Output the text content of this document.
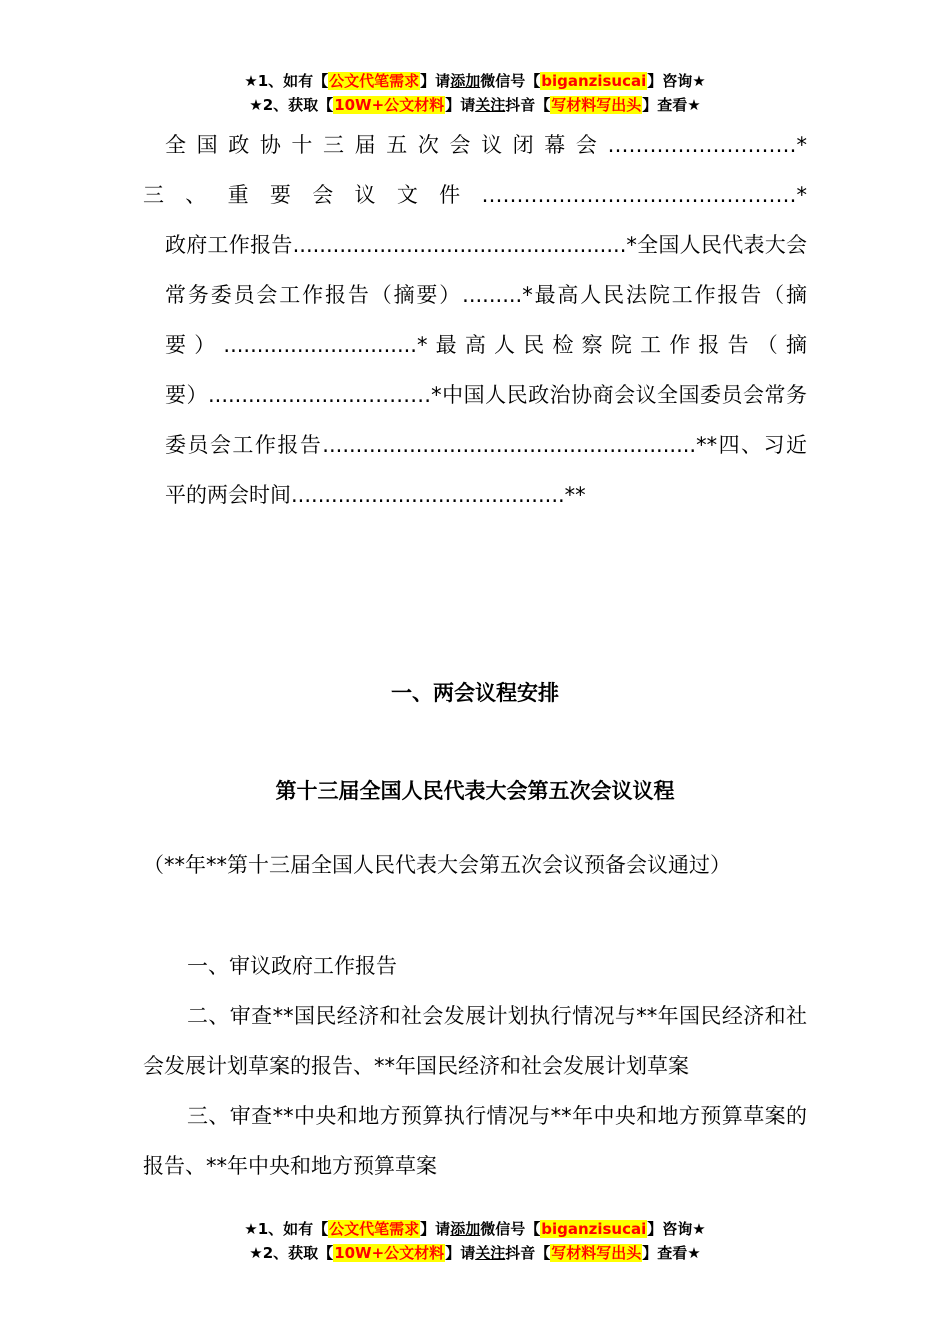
★1、如有【公文代笔需求】请添加微信号【biganzisucai】咨询★
★2、获取【10W+公文材料】请关注抖音【写材料写出头】查看★
全国政协十三届五次会议闭幕会………………………*
三、重要会议文件………………………………………*
政府工作报告..................................................*全国人民代表大会常务委员会工作报告（摘要）.........*最高人民法院工作报告（摘要）.............................*最高人民检察院工作报告（摘要）........................………*中国人民政治协商会议全国委员会常务委员会工作报告........................................................**四、习近平的两会时间.........................................**
一、两会议程安排
第十三届全国人民代表大会第五次会议议程
（**年**第十三届全国人民代表大会第五次会议预备会议通过）

一、审议政府工作报告

二、审查**国民经济和社会发展计划执行情况与**年国民经济和社会发展计划草案的报告、**年国民经济和社会发展计划草案

三、审查**中央和地方预算执行情况与**年中央和地方预算草案的报告、**年中央和地方预算草案

★1、如有【公文代笔需求】请添加微信号【biganzisucai】咨询★
★2、获取【10W+公文材料】请关注抖音【写材料写出头】查看★
